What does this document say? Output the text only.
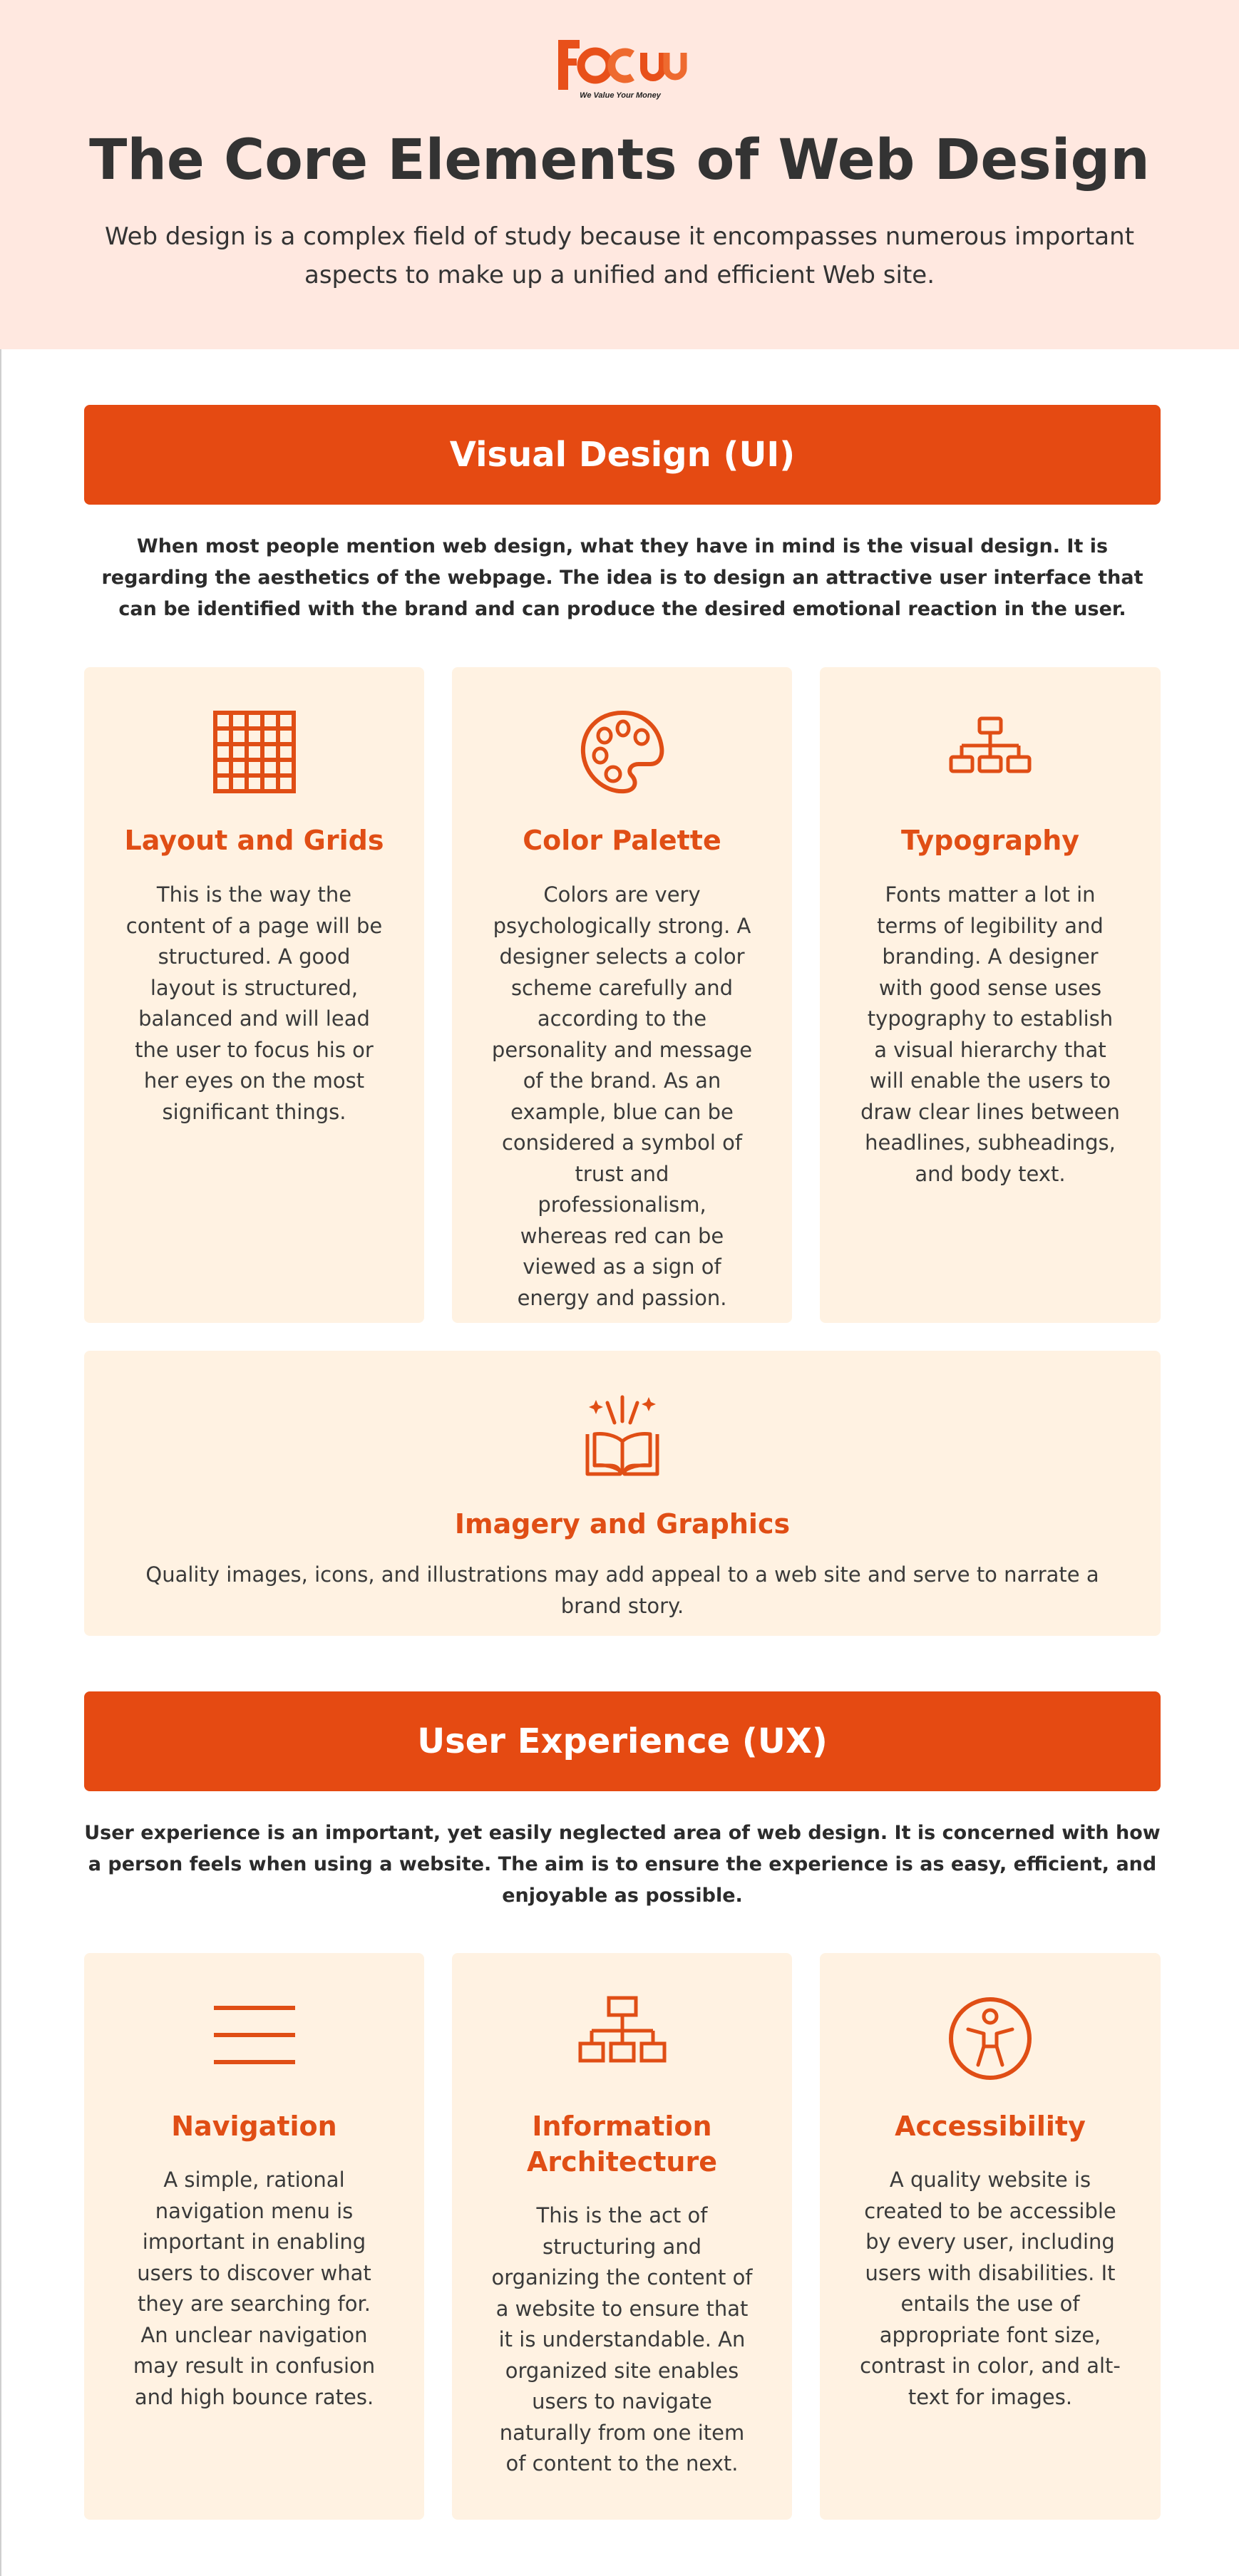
We Value Your Money
The Core Elements of Web Design
Web design is a complex field of study because it encompasses numerous important aspects to make up a unified and efficient Web site.
Visual Design (UI)
When most people mention web design, what they have in mind is the visual design. It is regarding the aesthetics of the webpage. The idea is to design an attractive user interface that can be identified with the brand and can produce the desired emotional reaction in the user.
Layout and Grids
This is the way the content of a page will be structured. A good layout is structured, balanced and will lead the user to focus his or her eyes on the most significant things.
Color Palette
Colors are very psychologically strong. A designer selects a color scheme carefully and according to the personality and message of the brand. As an example, blue can be considered a symbol of trust and professionalism, whereas red can be viewed as a sign of energy and passion.
Typography
Fonts matter a lot in terms of legibility and branding. A designer with good sense uses typography to establish a visual hierarchy that will enable the users to draw clear lines between headlines, subheadings, and body text.
Imagery and Graphics
Quality images, icons, and illustrations may add appeal to a web site and serve to narrate a brand story.
User Experience (UX)
User experience is an important, yet easily neglected area of web design. It is concerned with how a person feels when using a website. The aim is to ensure the experience is as easy, efficient, and enjoyable as possible.
Navigation
A simple, rational navigation menu is important in enabling users to discover what they are searching for. An unclear navigation may result in confusion and high bounce rates.
Information Architecture
This is the act of structuring and organizing the content of a website to ensure that it is understandable. An organized site enables users to navigate naturally from one item of content to the next.
Accessibility
A quality website is created to be accessible by every user, including users with disabilities. It entails the use of appropriate font size, contrast in color, and alt-text for images.
